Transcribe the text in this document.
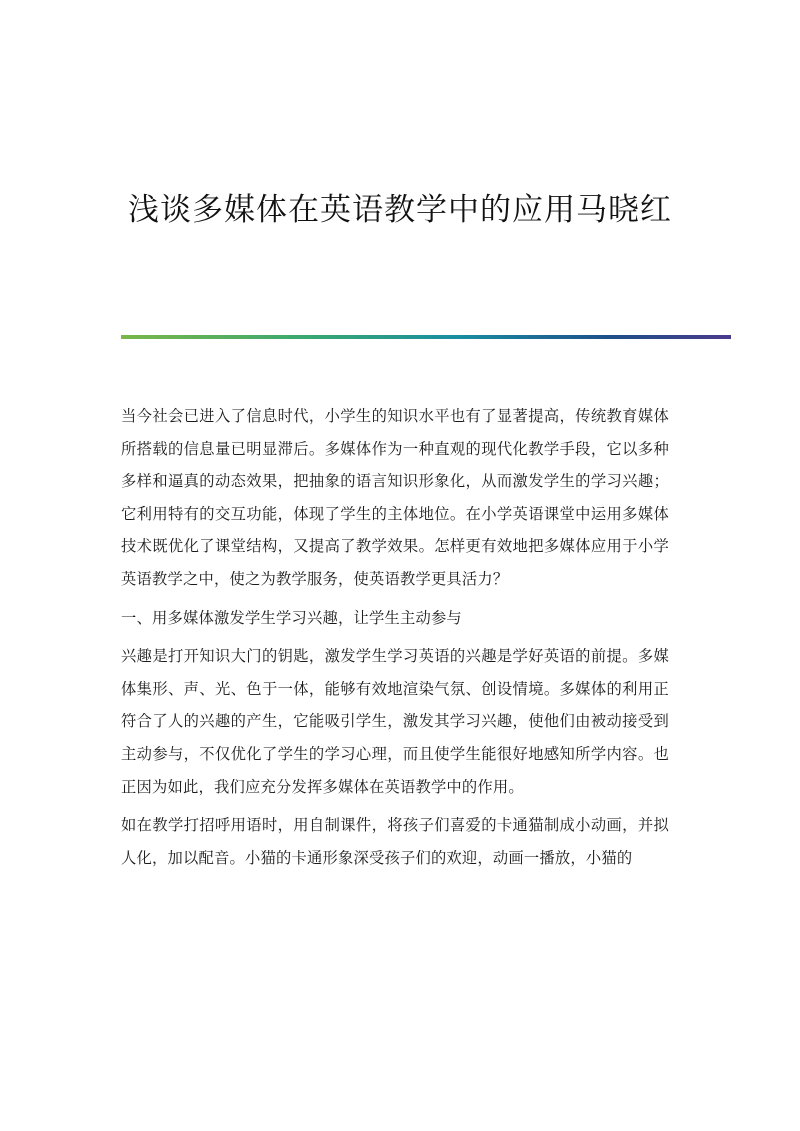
浅谈多媒体在英语教学中的应用马晓红

当今社会已进入了信息时代，小学生的知识水平也有了显著提高，传统教育媒体所搭载的信息量已明显滞后。多媒体作为一种直观的现代化教学手段，它以多种多样和逼真的动态效果，把抽象的语言知识形象化，从而激发学生的学习兴趣；它利用特有的交互功能，体现了学生的主体地位。在小学英语课堂中运用多媒体技术既优化了课堂结构，又提高了教学效果。怎样更有效地把多媒体应用于小学英语教学之中，使之为教学服务，使英语教学更具活力？

一、用多媒体激发学生学习兴趣，让学生主动参与

兴趣是打开知识大门的钥匙，激发学生学习英语的兴趣是学好英语的前提。多媒体集形、声、光、色于一体，能够有效地渲染气氛、创设情境。多媒体的利用正符合了人的兴趣的产生，它能吸引学生，激发其学习兴趣，使他们由被动接受到主动参与，不仅优化了学生的学习心理，而且使学生能很好地感知所学内容。也正因为如此，我们应充分发挥多媒体在英语教学中的作用。

如在教学打招呼用语时，用自制课件，将孩子们喜爱的卡通猫制成小动画，并拟人化，加以配音。小猫的卡通形象深受孩子们的欢迎，动画一播放，小猫的
